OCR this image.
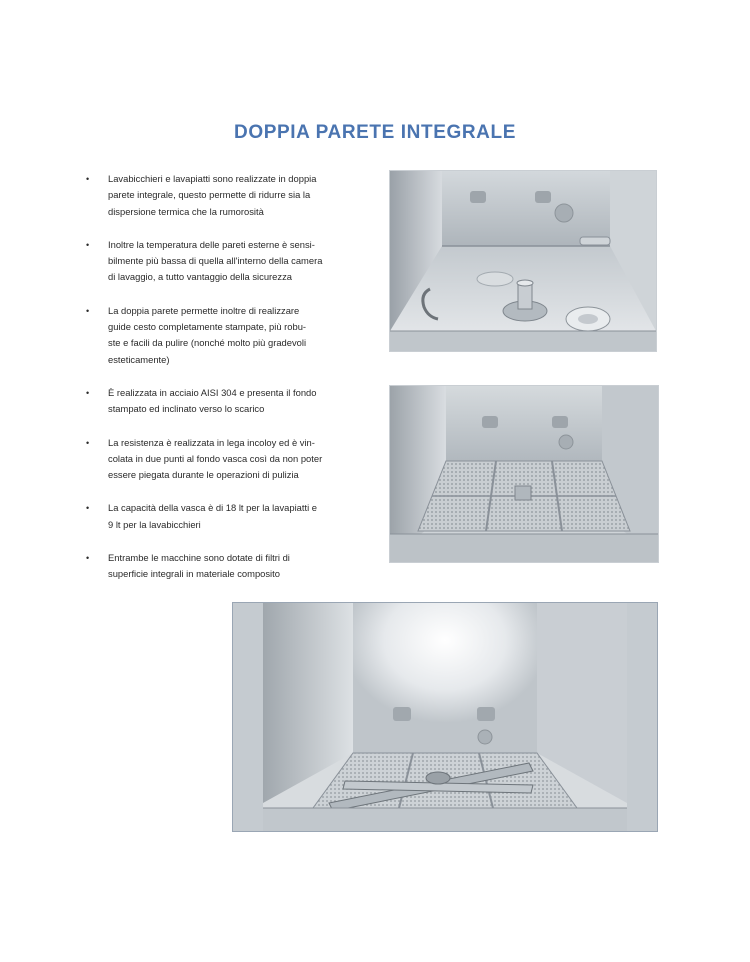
DOPPIA PARETE INTEGRALE
• Lavabicchieri e lavapiatti sono realizzate in doppia
parete integrale, questo permette di ridurre sia la
dispersione termica che la rumorosità
• Inoltre la temperatura delle pareti esterne è sensi-
bilmente più bassa di quella all'interno della camera
di lavaggio, a tutto vantaggio della sicurezza
• La doppia parete permette inoltre di realizzare
guide cesto completamente stampate, più robu-
ste e facili da pulire (nonché molto più gradevoli
esteticamente)
• È realizzata in acciaio AISI 304 e presenta il fondo
stampato ed inclinato verso lo scarico
• La resistenza è realizzata in lega incoloy ed è vin-
colata in due punti al fondo vasca così da non poter
essere piegata durante le operazioni di pulizia
• La capacità della vasca è di 18 lt per la lavapiatti e
9 lt per la lavabicchieri
• Entrambe le macchine sono dotate di filtri di
superficie integrali in materiale composito
